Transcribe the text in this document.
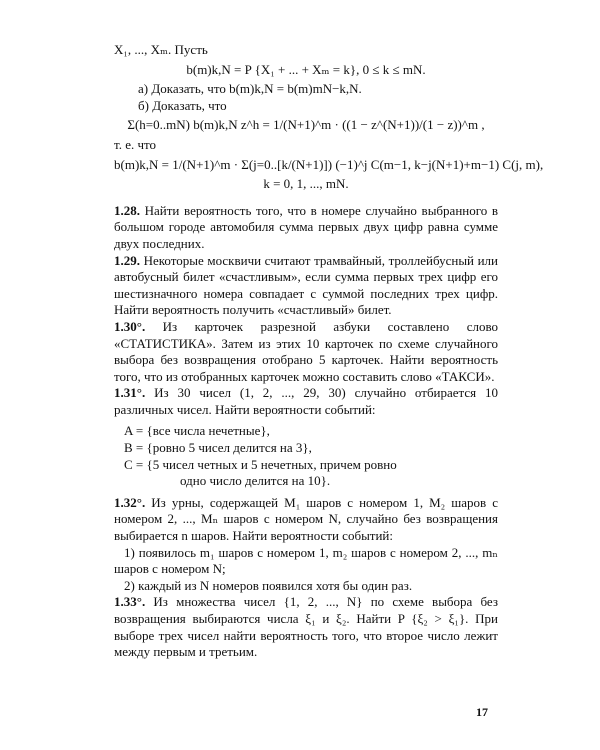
X₁, ..., Xₘ. Пусть
b(m)k,N = P {X₁ + ... + Xₘ = k}, 0 ≤ k ≤ mN.
а) Доказать, что b(m)k,N = b(m)mN−k,N.
б) Доказать, что
Σ(h=0..mN) b(m)k,N z^h = 1/(N+1)^m · ((1 − z^(N+1))/(1 − z))^m ,
т. е. что
b(m)k,N = 1/(N+1)^m · Σ(j=0..[k/(N+1)]) (−1)^j C(m−1, k−j(N+1)+m−1) C(j, m),
k = 0, 1, ..., mN.

1.28. Найти вероятность того, что в номере случайно выбранного в большом городе автомобиля сумма первых двух цифр равна сумме двух последних.

1.29. Некоторые москвичи считают трамвайный, троллейбусный или автобусный билет «счастливым», если сумма первых трех цифр его шестизначного номера совпадает с суммой последних трех цифр. Найти вероятность получить «счастливый» билет.

1.30°. Из карточек разрезной азбуки составлено слово «СТАТИСТИКА». Затем из этих 10 карточек по схеме случайного выбора без возвращения отобрано 5 карточек. Найти вероятность того, что из отобранных карточек можно составить слово «ТАКСИ».

1.31°. Из 30 чисел (1, 2, ..., 29, 30) случайно отбирается 10 различных чисел. Найти вероятности событий:

A = {все числа нечетные},
B = {ровно 5 чисел делится на 3},
C = {5 чисел четных и 5 нечетных, причем ровно
одно число делится на 10}.

1.32°. Из урны, содержащей M₁ шаров с номером 1, M₂ шаров с номером 2, ..., Mₙ шаров с номером N, случайно без возвращения выбирается n шаров. Найти вероятности событий:

1) появилось m₁ шаров с номером 1, m₂ шаров с номером 2, ..., mₙ шаров с номером N;

2) каждый из N номеров появился хотя бы один раз.

1.33°. Из множества чисел {1, 2, ..., N} по схеме выбора без возвращения выбираются числа ξ₁ и ξ₂. Найти P {ξ₂ > ξ₁}. При выборе трех чисел найти вероятность того, что второе число лежит между первым и третьим.

17
